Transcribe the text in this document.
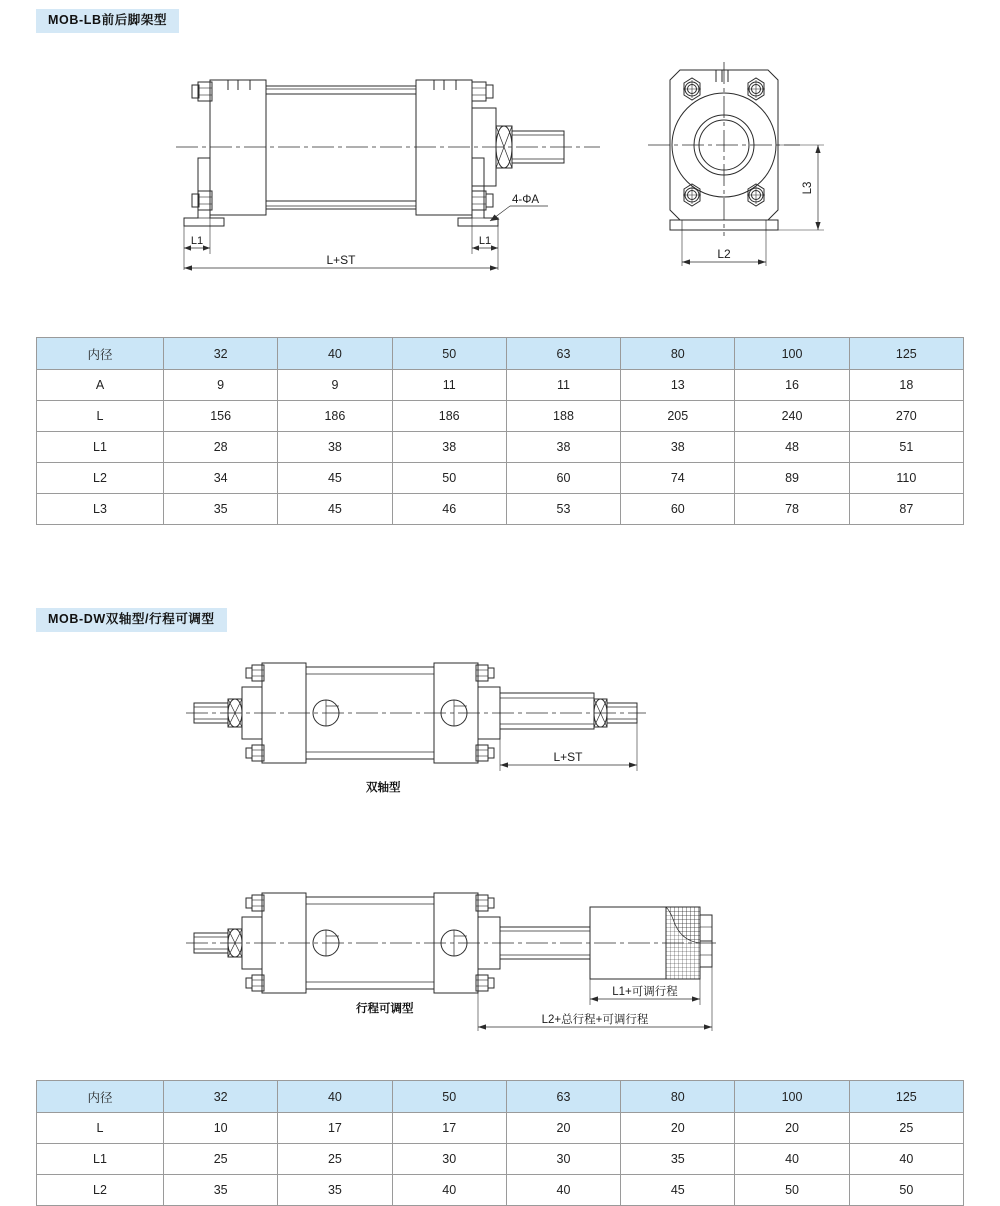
MOB-LB前后脚架型
L1	L1
L+ST
4-ΦA
L3
L2
内径	32	40	50	63	80	100	125
A	9	9	11	11	13	16	18
L	156	186	186	188	205	240	270
L1	28	38	38	38	38	48	51
L2	34	45	50	60	74	89	110
L3	35	45	46	53	60	78	87
MOB-DW双轴型/行程可调型
L+ST
双轴型
L1+可调行程
L2+总行程+可调行程
行程可调型
内径	32	40	50	63	80	100	125
L	10	17	17	20	20	20	25
L1	25	25	30	30	35	40	40
L2	35	35	40	40	45	50	50
